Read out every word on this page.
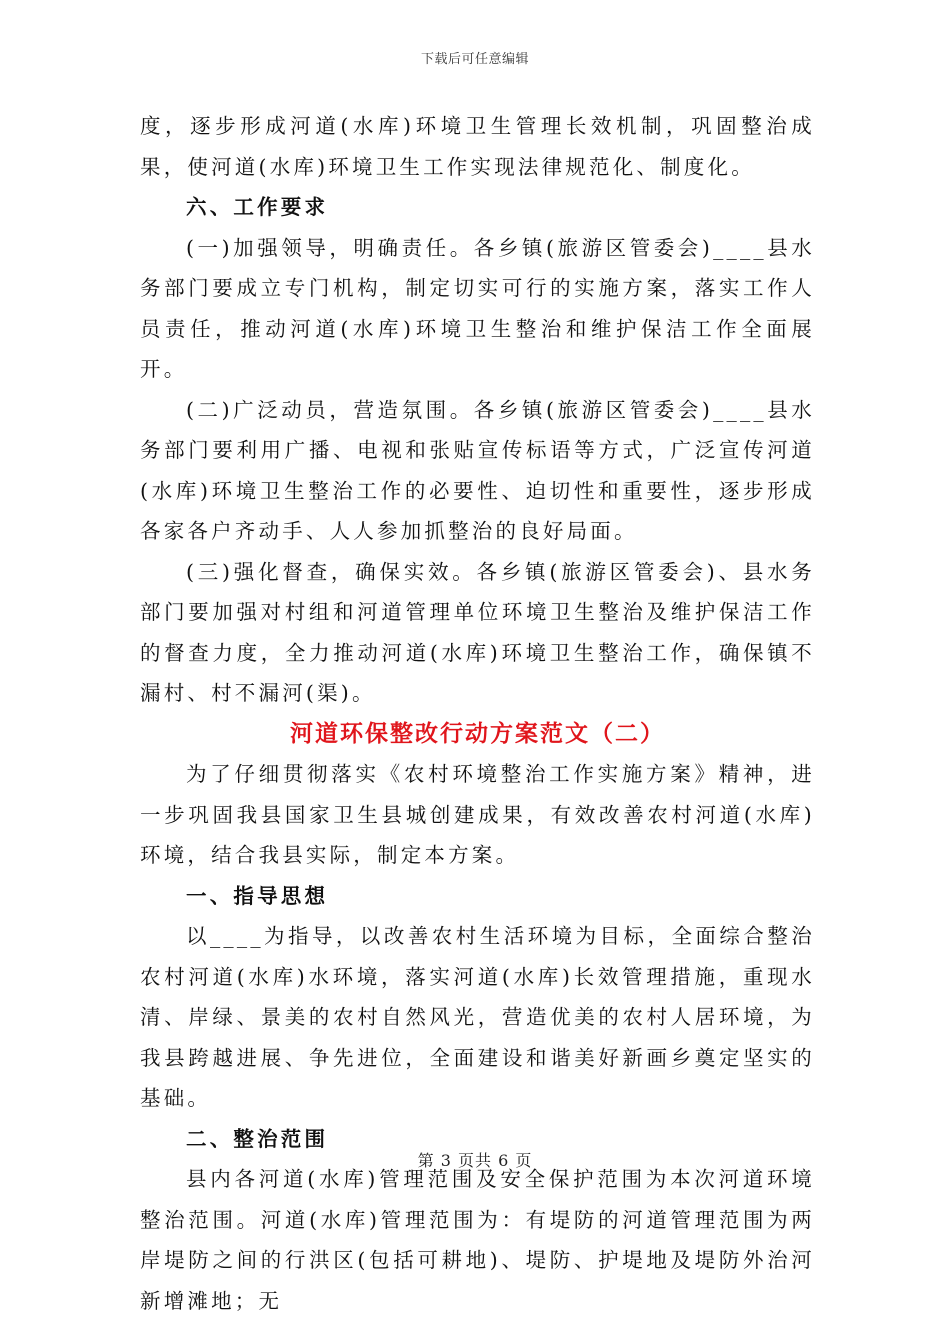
下载后可任意编辑

度，逐步形成河道(水库)环境卫生管理长效机制，巩固整治成果，使河道(水库)环境卫生工作实现法律规范化、制度化。

六、工作要求

(一)加强领导，明确责任。各乡镇(旅游区管委会)____县水务部门要成立专门机构，制定切实可行的实施方案，落实工作人员责任，推动河道(水库)环境卫生整治和维护保洁工作全面展开。

(二)广泛动员，营造氛围。各乡镇(旅游区管委会)____县水务部门要利用广播、电视和张贴宣传标语等方式，广泛宣传河道(水库)环境卫生整治工作的必要性、迫切性和重要性，逐步形成各家各户齐动手、人人参加抓整治的良好局面。

(三)强化督查，确保实效。各乡镇(旅游区管委会)、县水务部门要加强对村组和河道管理单位环境卫生整治及维护保洁工作的督查力度，全力推动河道(水库)环境卫生整治工作，确保镇不漏村、村不漏河(渠)。

河道环保整改行动方案范文（二）

为了仔细贯彻落实《农村环境整治工作实施方案》精神，进一步巩固我县国家卫生县城创建成果，有效改善农村河道(水库)环境，结合我县实际，制定本方案。

一、指导思想

以____为指导，以改善农村生活环境为目标，全面综合整治农村河道(水库)水环境，落实河道(水库)长效管理措施，重现水清、岸绿、景美的农村自然风光，营造优美的农村人居环境，为我县跨越进展、争先进位，全面建设和谐美好新画乡奠定坚实的基础。

二、整治范围

县内各河道(水库)管理范围及安全保护范围为本次河道环境整治范围。河道(水库)管理范围为：有堤防的河道管理范围为两岸堤防之间的行洪区(包括可耕地)、堤防、护堤地及堤防外治河新增滩地；无

第 3 页共 6 页
